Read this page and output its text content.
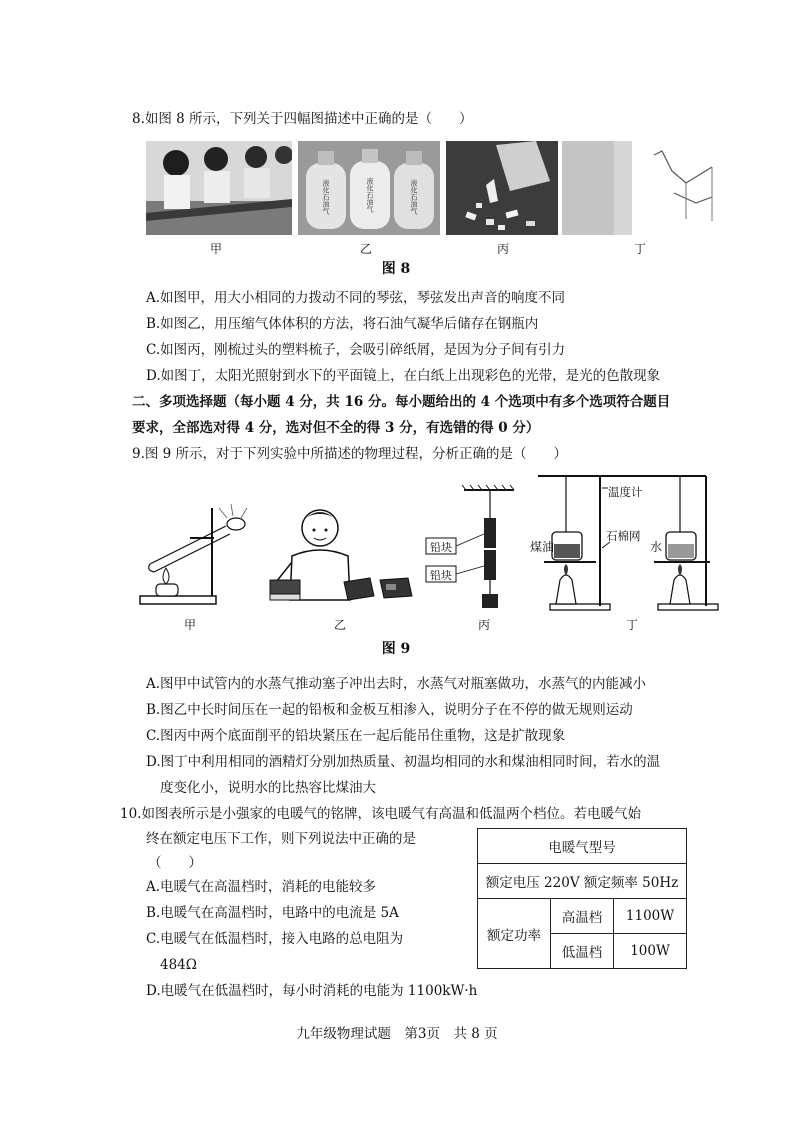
8.如图 8 所示，下列关于四幅图描述中正确的是（　　）
甲
液化石油气	液化石油气	液化石油气
乙	丙	丁
图 8
A.如图甲，用大小相同的力拨动不同的琴弦，琴弦发出声音的响度不同
B.如图乙，用压缩气体体积的方法，将石油气凝华后储存在钢瓶内
C.如图丙，刚梳过头的塑料梳子，会吸引碎纸屑，是因为分子间有引力
D.如图丁，太阳光照射到水下的平面镜上，在白纸上出现彩色的光带，是光的色散现象
二、多项选择题（每小题 4 分，共 16 分。每小题给出的 4 个选项中有多个选项符合题目
要求，全部选对得 4 分，选对但不全的得 3 分，有选错的得 0 分）
9.图 9 所示，对于下列实验中所描述的物理过程，分析正确的是（　　）
甲	乙
铅块
铅块
丙
温度计
煤油
石棉网
水
丁
图 9
A.图甲中试管内的水蒸气推动塞子冲出去时，水蒸气对瓶塞做功，水蒸气的内能减小
B.图乙中长时间压在一起的铅板和金板互相渗入，说明分子在不停的做无规则运动
C.图丙中两个底面削平的铅块紧压在一起后能吊住重物，这是扩散现象
D.图丁中利用相同的酒精灯分别加热质量、初温均相同的水和煤油相同时间，若水的温
度变化小，说明水的比热容比煤油大
10.如图表所示是小强家的电暖气的铭牌，该电暖气有高温和低温两个档位。若电暖气始
终在额定电压下工作，则下列说法中正确的是
（　　）
A.电暖气在高温档时，消耗的电能较多
B.电暖气在高温档时，电路中的电流是 5A
C.电暖气在低温档时，接入电路的总电阻为
484Ω
D.电暖气在低温档时，每小时消耗的电能为 1100kW·h
电暖气型号		
额定电压 220V 额定频率 50Hz		
额定功率	高温档	1100W
	低温档	100W
九年级物理试题　第3页　共 8 页
